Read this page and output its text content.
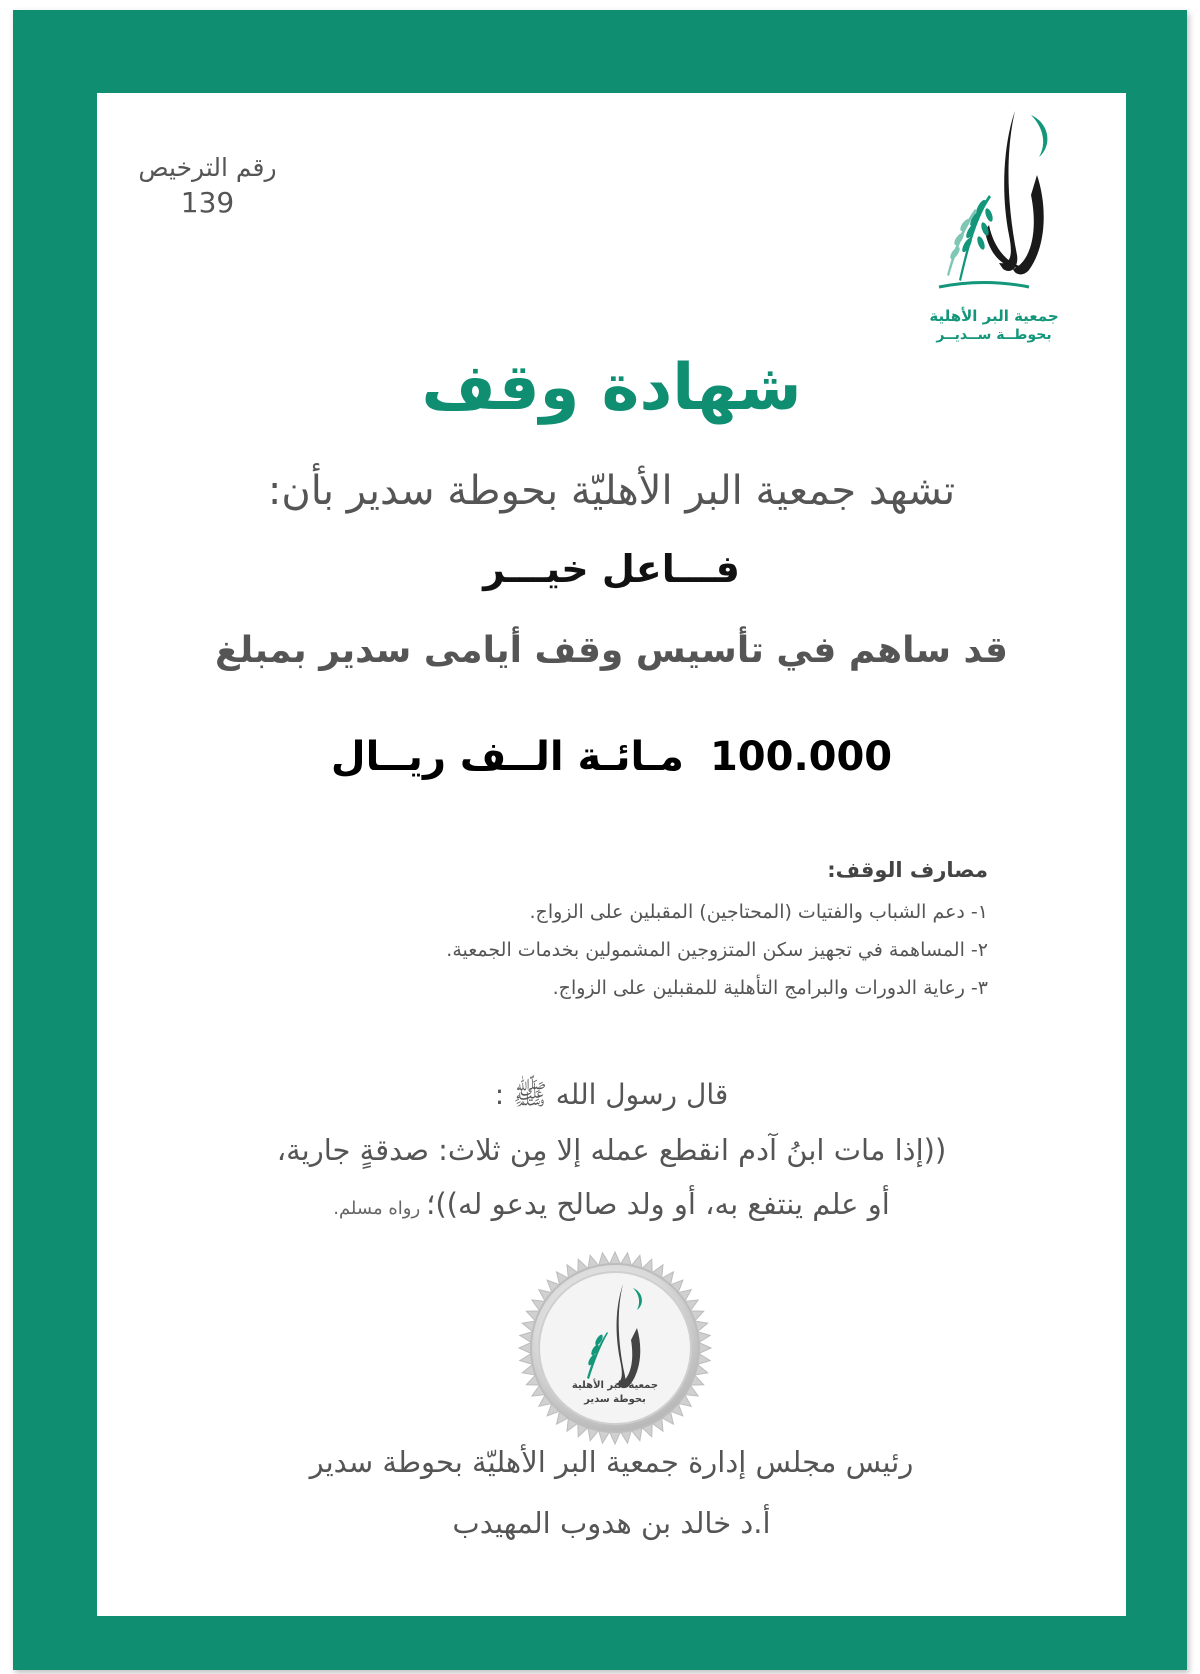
رقم الترخيص
139
جمعية البر الأهلية
بحوطــة ســديــر
شهادة وقف
تشهد جمعية البر الأهليّة بحوطة سدير بأن:
فـــاعل خيـــر
قد ساهم في تأسيس وقف أيامى سدير بمبلغ
100.000مـائـة الــف ريــال
مصارف الوقف:
١- دعم الشباب والفتيات (المحتاجين) المقبلين على الزواج.
٢- المساهمة في تجهيز سكن المتزوجين المشمولين بخدمات الجمعية.
٣- رعاية الدورات والبرامج التأهلية للمقبلين على الزواج.
قال رسول الله ﷺ :
((إذا مات ابنُ آدم انقطع عمله إلا مِن ثلاث: صدقةٍ جارية،
أو علم ينتفع به، أو ولد صالح يدعو له))؛رواه مسلم.
جمعية البر الأهلية
بحوطة سدير
رئيس مجلس إدارة جمعية البر الأهليّة بحوطة سدير
أ.د خالد بن هدوب المهيدب
